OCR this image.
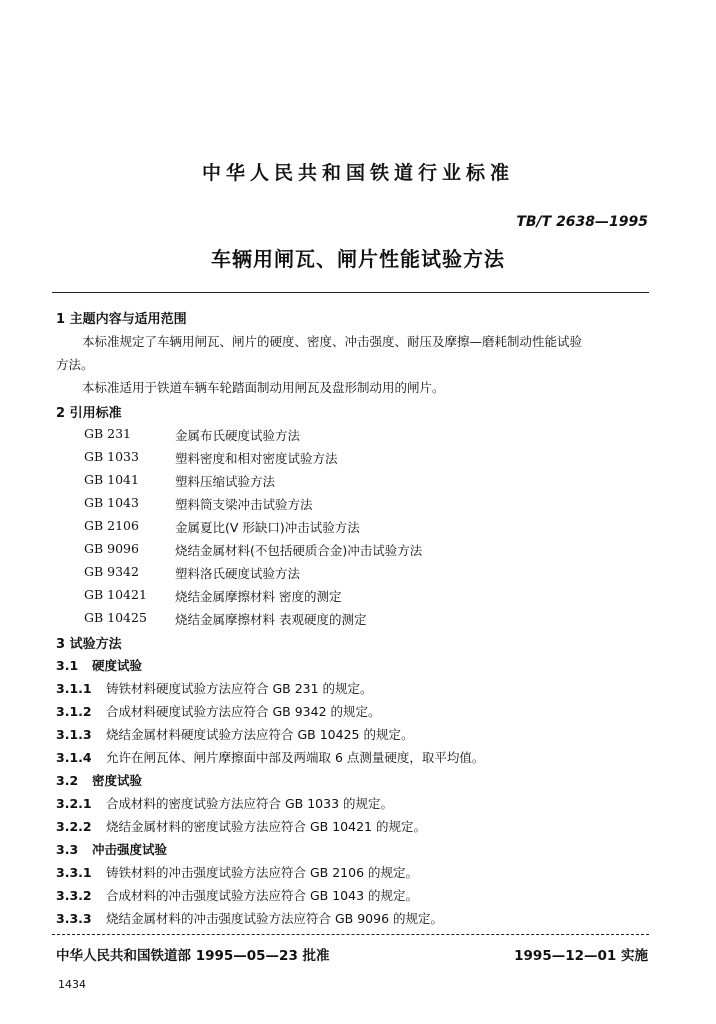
中华人民共和国铁道行业标准
TB/T 2638—1995
车辆用闸瓦、闸片性能试验方法
1 主题内容与适用范围
本标准规定了车辆用闸瓦、闸片的硬度、密度、冲击强度、耐压及摩擦—磨耗制动性能试验
方法。
本标准适用于铁道车辆车轮踏面制动用闸瓦及盘形制动用的闸片。
2 引用标准
GB 231	金属布氏硬度试验方法
GB 1033	塑料密度和相对密度试验方法
GB 1041	塑料压缩试验方法
GB 1043	塑料筒支梁冲击试验方法
GB 2106	金属夏比(V 形缺口)冲击试验方法
GB 9096	烧结金属材料(不包括硬质合金)冲击试验方法
GB 9342	塑料洛氏硬度试验方法
GB 10421 烧结金属摩擦材料 密度的测定
GB 10425 烧结金属摩擦材料 表观硬度的测定
3 试验方法
3.1 硬度试验
3.1.1 铸铁材料硬度试验方法应符合 GB 231 的规定。
3.1.2 合成材料硬度试验方法应符合 GB 9342 的规定。
3.1.3 烧结金属材料硬度试验方法应符合 GB 10425 的规定。
3.1.4 允许在闸瓦体、闸片摩擦面中部及两端取 6 点测量硬度，取平均值。
3.2 密度试验
3.2.1 合成材料的密度试验方法应符合 GB 1033 的规定。
3.2.2 烧结金属材料的密度试验方法应符合 GB 10421 的规定。
3.3 冲击强度试验
3.3.1 铸铁材料的冲击强度试验方法应符合 GB 2106 的规定。
3.3.2 合成材料的冲击强度试验方法应符合 GB 1043 的规定。
3.3.3 烧结金属材料的冲击强度试验方法应符合 GB 9096 的规定。
中华人民共和国铁道部 1995—05—23 批准	1995—12—01 实施
1434
